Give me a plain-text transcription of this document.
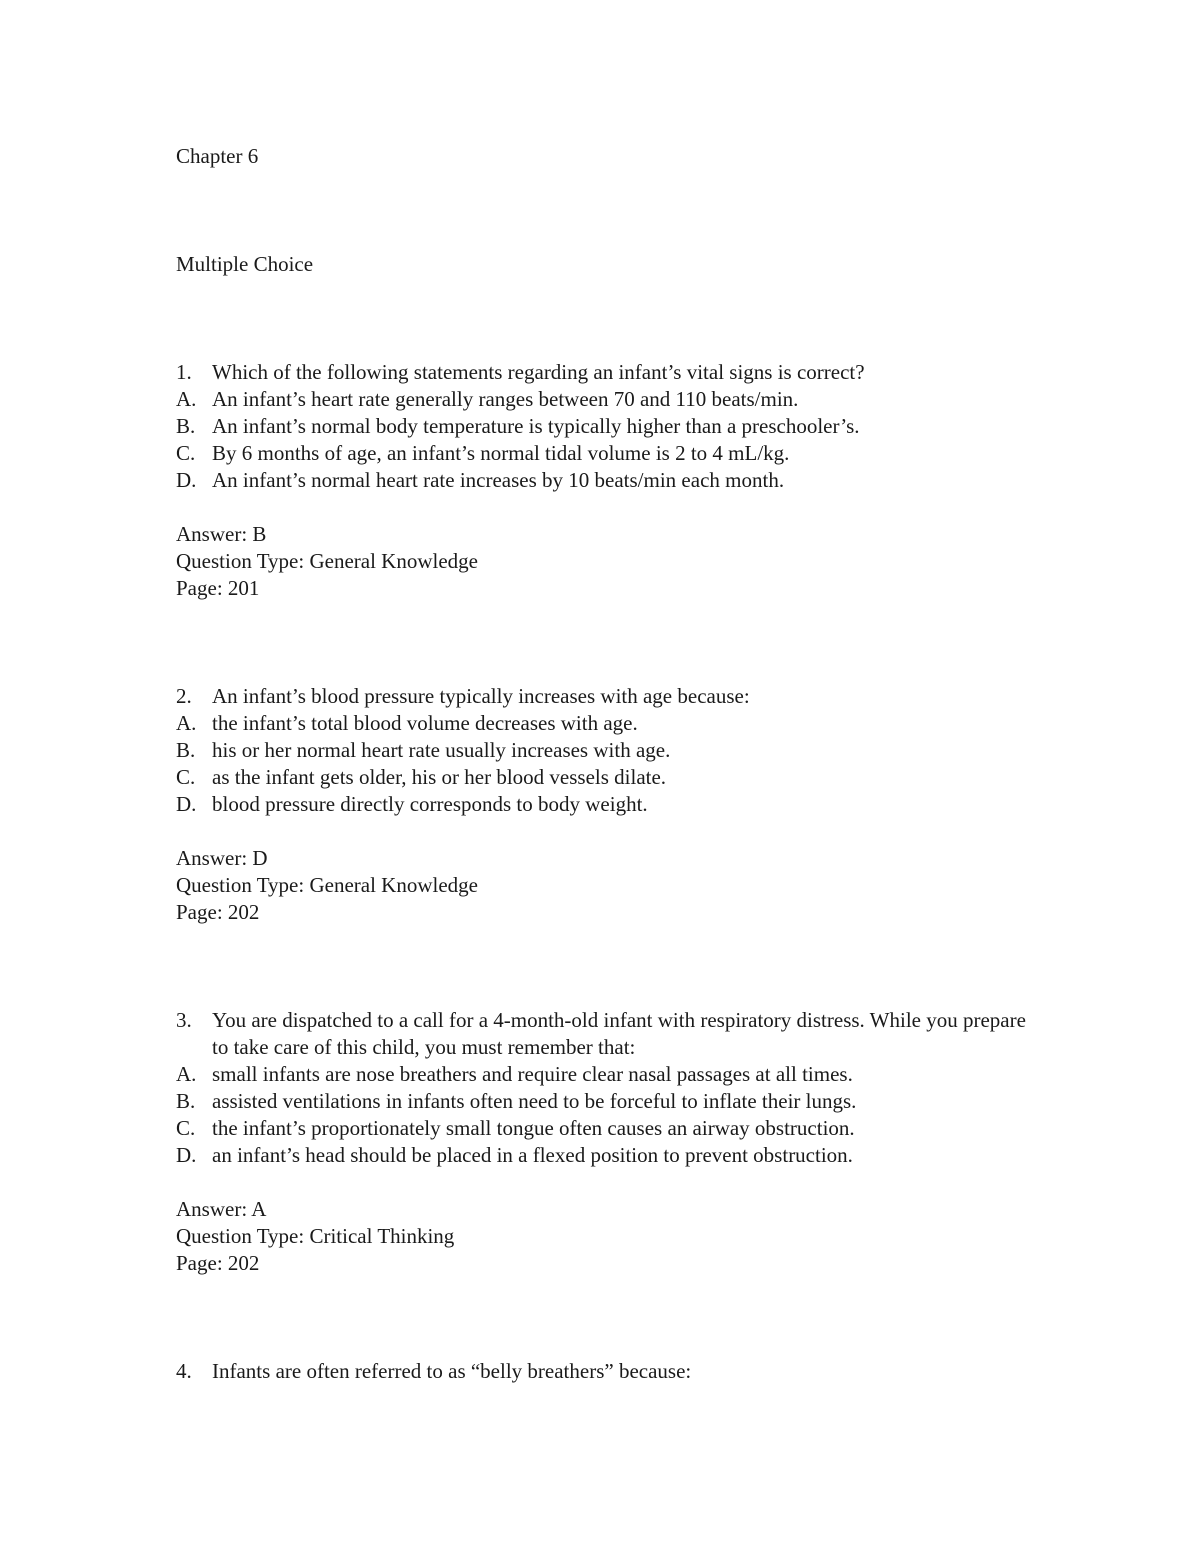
Chapter 6
Multiple Choice
1. Which of the following statements regarding an infant’s vital signs is correct?
A. An infant’s heart rate generally ranges between 70 and 110 beats/min.
B. An infant’s normal body temperature is typically higher than a preschooler’s.
C. By 6 months of age, an infant’s normal tidal volume is 2 to 4 mL/kg.
D. An infant’s normal heart rate increases by 10 beats/min each month.
Answer: B
Question Type: General Knowledge
Page: 201
2. An infant’s blood pressure typically increases with age because:
A. the infant’s total blood volume decreases with age.
B. his or her normal heart rate usually increases with age.
C. as the infant gets older, his or her blood vessels dilate.
D. blood pressure directly corresponds to body weight.
Answer: D
Question Type: General Knowledge
Page: 202
3. You are dispatched to a call for a 4-month-old infant with respiratory distress. While you prepare to take care of this child, you must remember that:
A. small infants are nose breathers and require clear nasal passages at all times.
B. assisted ventilations in infants often need to be forceful to inflate their lungs.
C. the infant’s proportionately small tongue often causes an airway obstruction.
D. an infant’s head should be placed in a flexed position to prevent obstruction.
Answer: A
Question Type: Critical Thinking
Page: 202
4. Infants are often referred to as “belly breathers” because:
